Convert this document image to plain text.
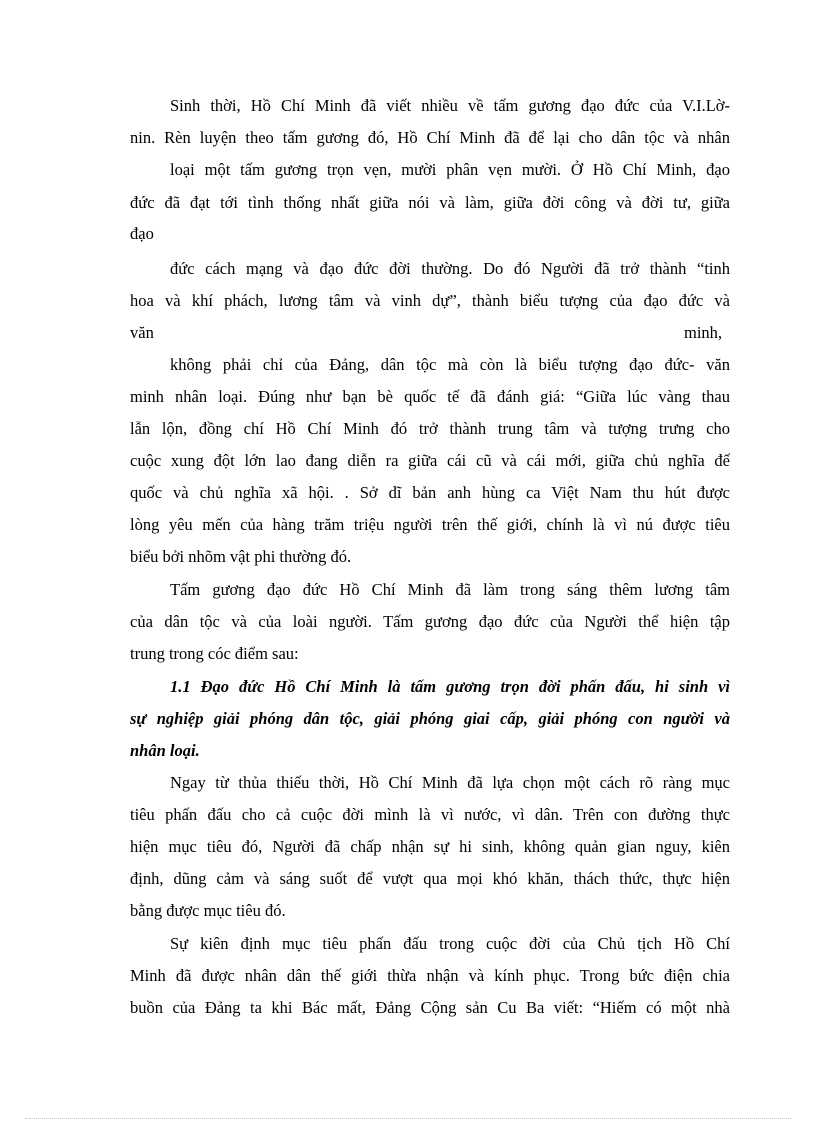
Sinh thời, Hồ Chí Minh đã viết nhiều về tấm gương đạo đức của V.I.Lờ-

nin. Rèn luyện theo tấm gương đó, Hồ Chí Minh đã để lại cho dân tộc và nhân

loại một tấm gương trọn vẹn, mười phân vẹn mười. Ở Hồ Chí Minh, đạo

đức đã đạt tới tình thống nhất giữa nói và làm, giữa đời công và đời tư, giữa

đạo

đức cách mạng và đạo đức đời thường. Do đó Người đã trở thành “tinh

hoa và khí phách, lương tâm và vinh dự”, thành biểu tượng của đạo đức và

văn	minh,

không phải chỉ của Đảng, dân tộc mà còn là biểu tượng đạo đức- văn

minh nhân loại. Đúng như bạn bè quốc tế đã đánh giá: “Giữa lúc vàng thau

lẫn lộn, đồng chí Hồ Chí Minh đó trở thành trung tâm và tượng trưng cho

cuộc xung đột lớn lao đang diễn ra giữa cái cũ và cái mới, giữa chủ nghĩa đế

quốc và chủ nghĩa xã hội. . Sở dĩ bản anh hùng ca Việt Nam thu hút được

lòng yêu mến của hàng trăm triệu người trên thế giới, chính là vì nú được tiêu

biểu bởi nhõm vật phi thường đó.

Tấm gương đạo đức Hồ Chí Minh đã làm trong sáng thêm lương tâm

của dân tộc và của loài người. Tấm gương đạo đức của Người thể hiện tập

trung trong cóc điểm sau:

1.1 Đạo đức Hồ Chí Minh là tấm gương trọn đời phấn đấu, hi sinh vì

sự nghiệp giải phóng dân tộc, giải phóng giai cấp, giải phóng con người và

nhân loại.

Ngay từ thủa thiếu thời, Hồ Chí Minh đã lựa chọn một cách rõ ràng mục

tiêu phấn đấu cho cả cuộc đời mình là vì nước, vì dân. Trên con đường thực

hiện mục tiêu đó, Người đã chấp nhận sự hi sinh, không quản gian nguy, kiên

định, dũng cảm và sáng suốt để vượt qua mọi khó khăn, thách thức, thực hiện

bằng được mục tiêu đó.

Sự kiên định mục tiêu phấn đấu trong cuộc đời của Chủ tịch Hồ Chí

Minh đã được nhân dân thế giới thừa nhận và kính phục. Trong bức điện chia

buồn của Đảng ta khi Bác mất, Đảng Cộng sản Cu Ba viết: “Hiếm có một nhà
